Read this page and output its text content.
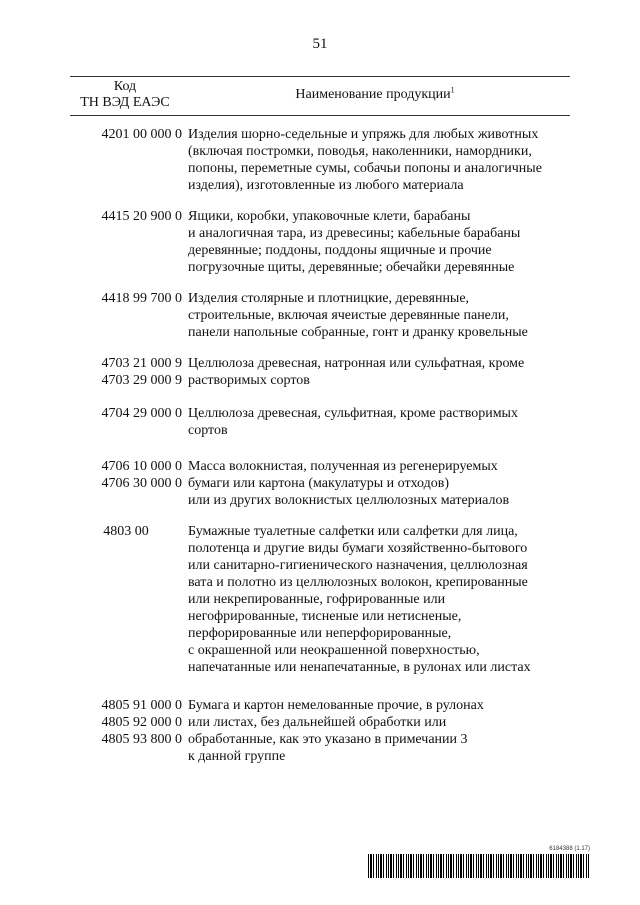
51
Код
ТН ВЭД ЕАЭС
Наименование продукции$^1$
4201 00 000 0 Изделия шорно-седельные и упряжь для любых животных
(включая постромки, поводья, наколенники, намордники,
попоны, переметные сумы, собачьи попоны и аналогичные
изделия), изготовленные из любого материала
4415 20 900 0 Ящики, коробки, упаковочные клети, барабаны
и аналогичная тара, из древесины; кабельные барабаны
деревянные; поддоны, поддоны ящичные и прочие
погрузочные щиты, деревянные; обечайки деревянные
4418 99 700 0 Изделия столярные и плотницкие, деревянные,
строительные, включая ячеистые деревянные панели,
панели напольные собранные, гонт и дранку кровельные
4703 21 000 9
4703 29 000 9
Целлюлоза древесная, натронная или сульфатная, кроме
растворимых сортов
4704 29 000 0 Целлюлоза древесная, сульфитная, кроме растворимых
сортов
4706 10 000 0
4706 30 000 0
Масса волокнистая, полученная из регенерируемых
бумаги или картона (макулатуры и отходов)
или из других волокнистых целлюлозных материалов
4803 00	Бумажные туалетные салфетки или салфетки для лица,
полотенца и другие виды бумаги хозяйственно-бытового
или санитарно-гигиенического назначения, целлюлозная
вата и полотно из целлюлозных волокон, крепированные
или некрепированные, гофрированные или
негофрированные, тисненые или нетисненые,
перфорированные или неперфорированные,
с окрашенной или неокрашенной поверхностью,
напечатанные или ненапечатанные, в рулонах или листах
4805 91 000 0
4805 92 000 0
4805 93 800 0
Бумага и картон немелованные прочие, в рулонах
или листах, без дальнейшей обработки или
обработанные, как это указано в примечании 3
к данной группе
6184388 (1.17)
